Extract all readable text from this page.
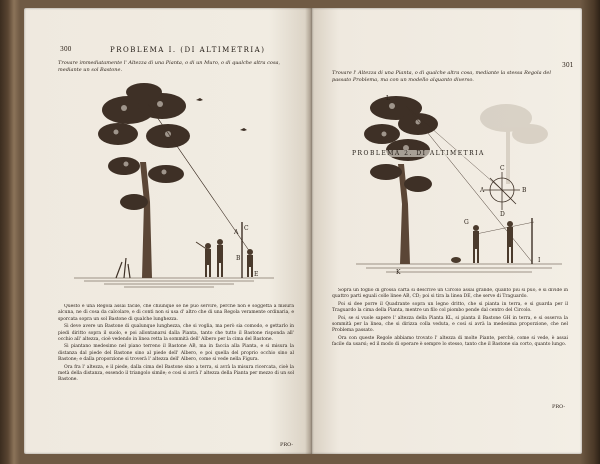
300	PROBLEMA I. (DI ALTIMETRIA)
Trovare immediatamente l' Altezza di una Pianta, o di un Muro, o di qualche altra cosa, mediante un sol Bastone.
A
C
B
E

Questo è una Regola assai facile, che chiunque se ne può servire, perchè non è soggetta a misura alcuna, ne di cosa da calcolare, e di conti non si usa d' altro che di una Regola veramente ordinaria, e sporcata sopra un sol Bastone di qualche lunghezza.

Si deve avere un Bastone di qualunque lunghezza, che si voglia, ma però sia comodo, e gettarlo in piedi diritto sopra il suolo, e poi allontanarsi dalla Pianta, tanto che tutto il Bastone risponda all' occhio all' altezza, cioè vedendo in linea retta la sommità dell' Albero per la cima del Bastone.

Si piantano medesimo nel piano terreno il Bastone AB, ma in faccia alla Pianta, e si misura la distanza dal piede del Bastone sino al piede dell' Albero, e poi quella del proprio occhio sino al Bastone; e dalla proporzione si troverà l' altezza dell' Albero, come si vede nella Figura.

Ora fra l' altezza, e il piede, dalla cima del Bastone sino a terra, si avrà la misura ricercata, cioè la metà della distanza, essendo il triangolo simile; e così si avrà l' altezza della Pianta per mezzo di un sol Bastone.

PRO-
301
Trovare l' Altezza di una Pianta, o di qualche altra cosa, mediante la stessa Regola del passato Problema, ma con un modello alquanto diverso.
C
A
D
B
G
K
L
I
PROBLEMA 2. DI ALTIMETRIA

Sopra un foglio di grossa carta si descrive un Circolo assai grande, quanto più si può, e si divide in quattro parti eguali colle linee AB, CD; poi si tira la linea DE, che serve di Traguardo.

Poi si dee porre il Quadrante sopra un legno dritto, che si pianta in terra, e si guarda per il Traguardo la cima della Pianta, mentre un filo col piombo pende dal centro del Circolo.

Poi, se si vuole sapere l' altezza della Pianta KL, si pianta il Bastone GH in terra, e si osserva la sommità per la linea, che si dirizza colla veduta, e così si avrà la medesima proporzione, che nel Problema passato.

Ora con queste Regole abbiamo trovato l' altezza di molte Piante, perchè, come si vede, è assai facile da usarsi; ed il modo di operare è sempre lo stesso, tanto che il Bastone sia corto, quanto lungo.

PRO-
